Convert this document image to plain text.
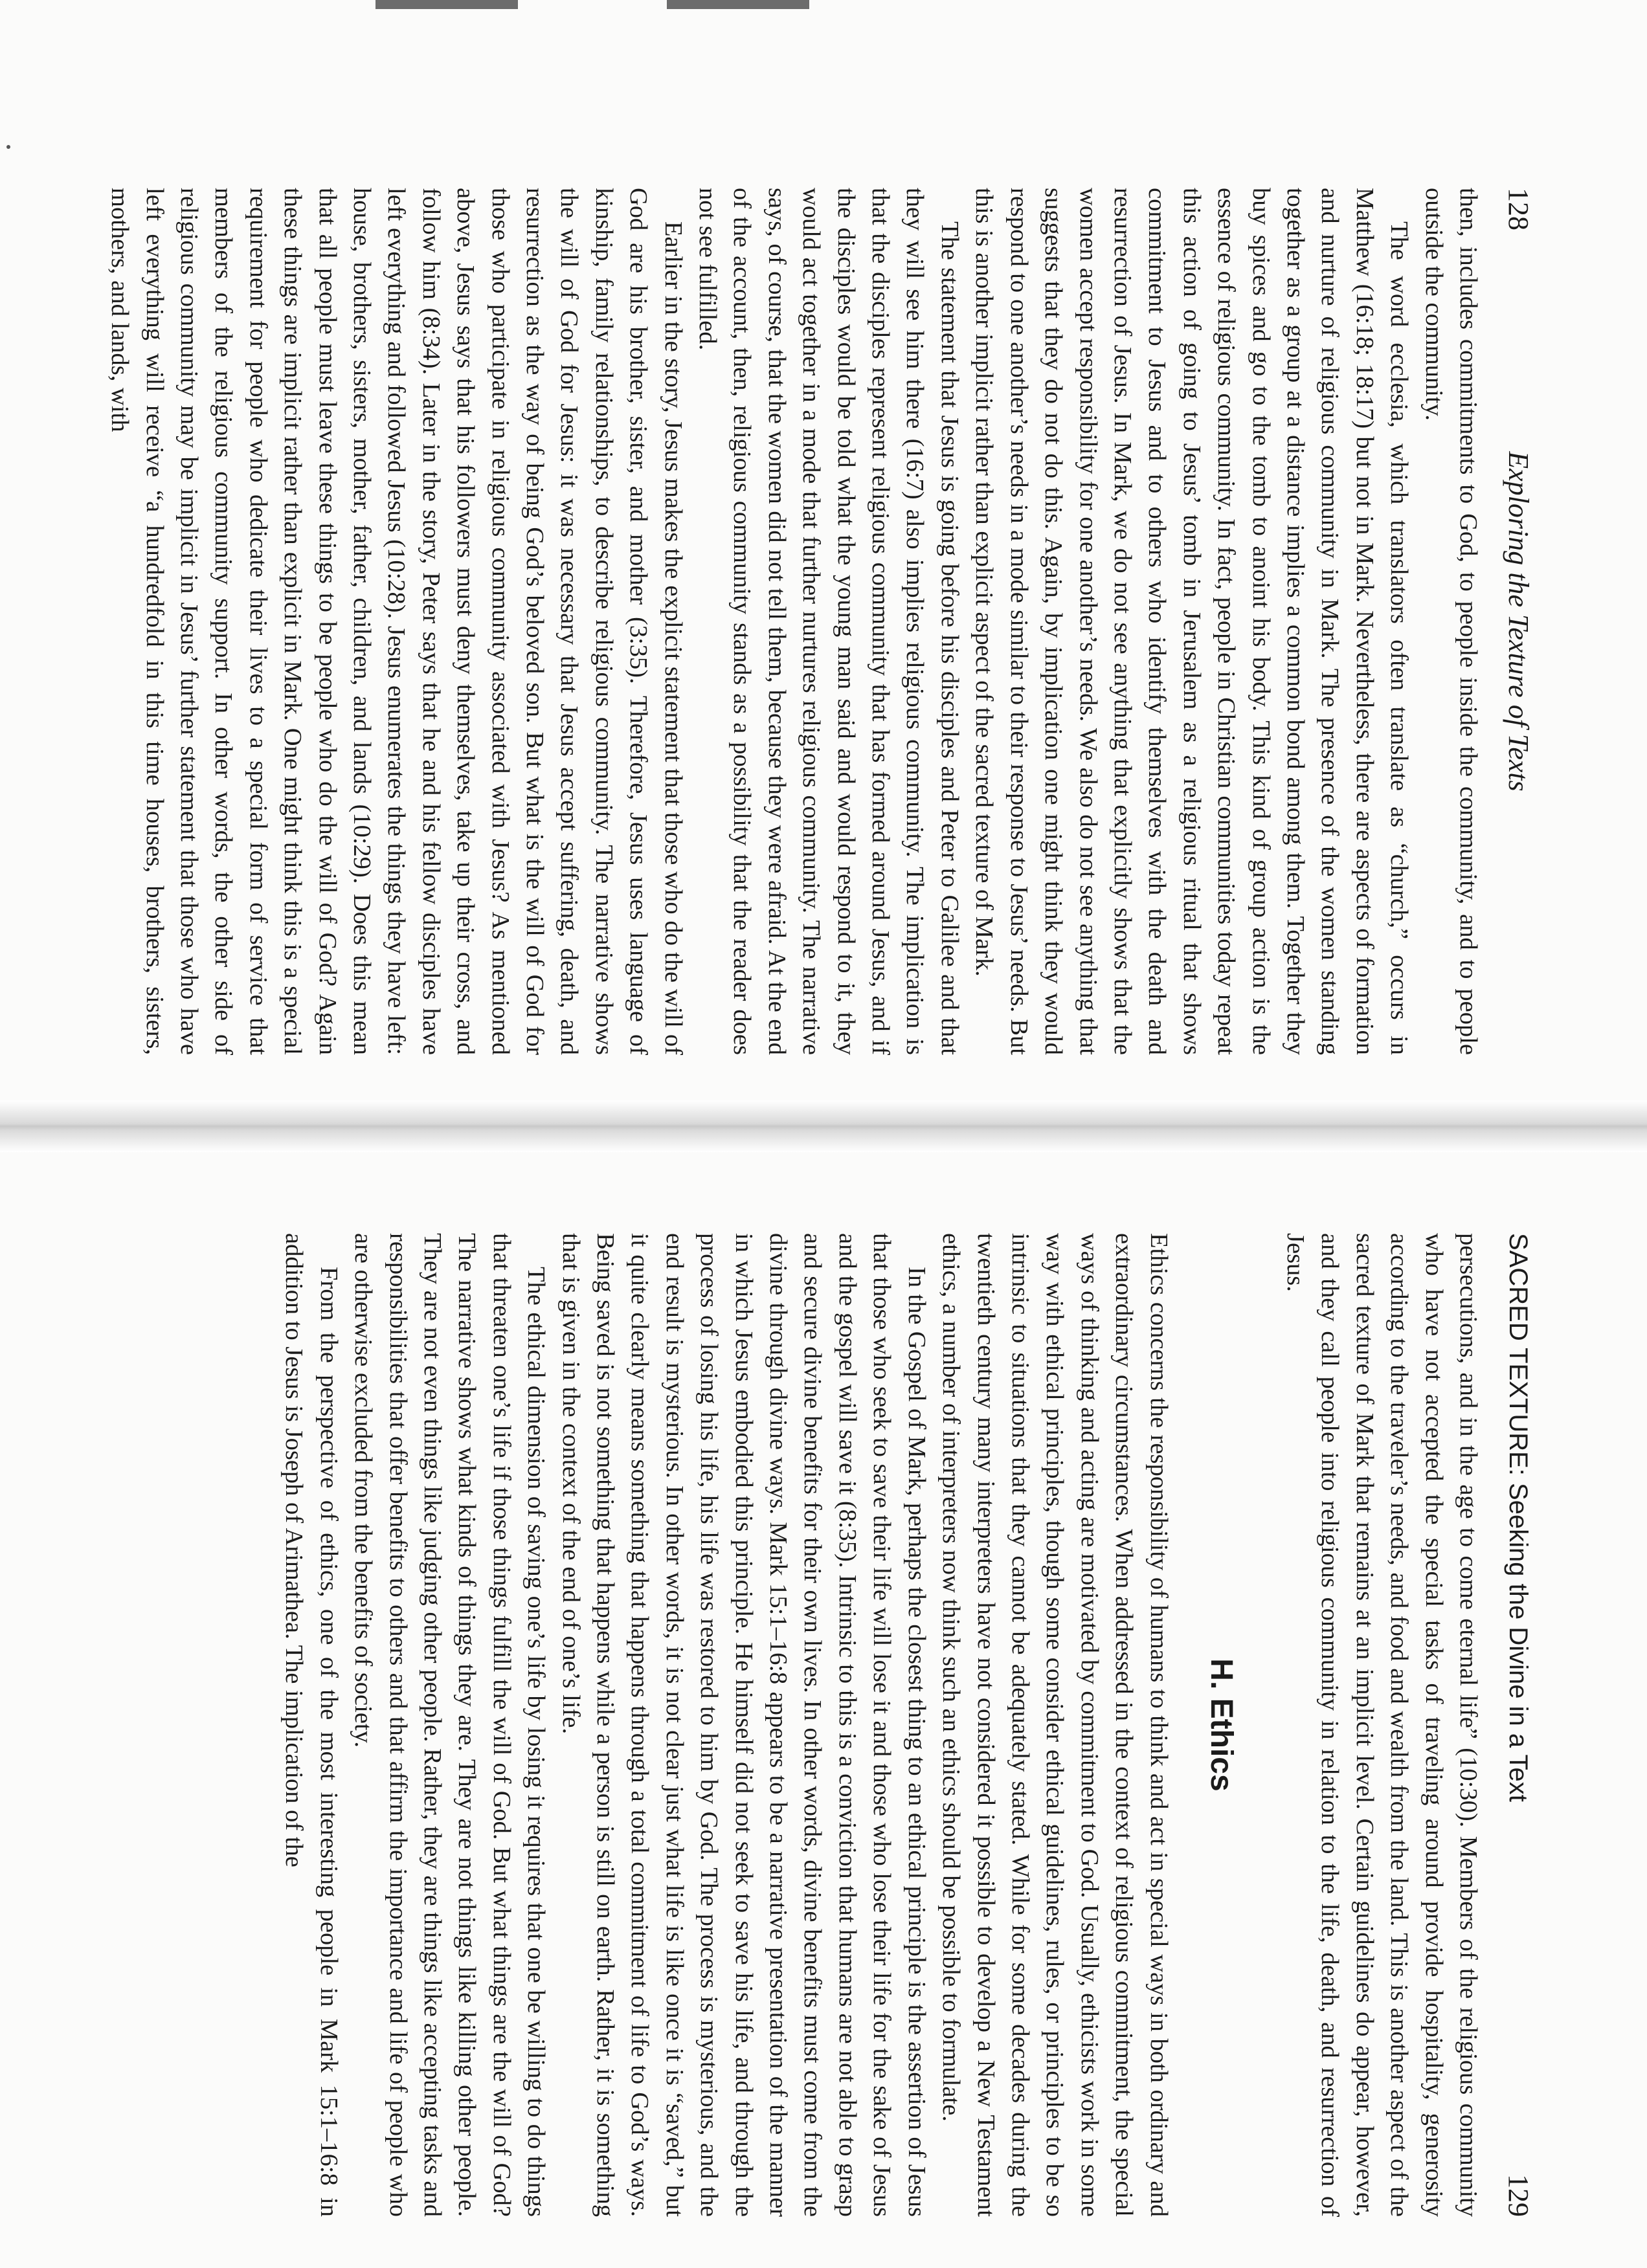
128
Exploring the Texture of Texts

then, includes commitments to God, to people inside the community, and to people outside the community.

The word ecclesia, which translators often translate as “church,” occurs in Matthew (16:18; 18:17) but not in Mark. Nevertheless, there are aspects of formation and nurture of religious community in Mark. The presence of the women standing together as a group at a distance implies a common bond among them. Together they buy spices and go to the tomb to anoint his body. This kind of group action is the essence of religious community. In fact, people in Christian communities today repeat this action of going to Jesus’ tomb in Jerusalem as a religious ritual that shows commitment to Jesus and to others who identify themselves with the death and resurrection of Jesus. In Mark, we do not see anything that explicitly shows that the women accept responsibility for one another’s needs. We also do not see anything that suggests that they do not do this. Again, by implication one might think they would respond to one another’s needs in a mode similar to their response to Jesus’ needs. But this is another implicit rather than explicit aspect of the sacred texture of Mark.

The statement that Jesus is going before his disciples and Peter to Galilee and that they will see him there (16:7) also implies religious community. The implication is that the disciples represent religious community that has formed around Jesus, and if the disciples would be told what the young man said and would respond to it, they would act together in a mode that further nurtures religious community. The narrative says, of course, that the women did not tell them, because they were afraid. At the end of the account, then, religious community stands as a possibility that the reader does not see fulfilled.

Earlier in the story, Jesus makes the explicit statement that those who do the will of God are his brother, sister, and mother (3:35). Therefore, Jesus uses language of kinship, family relationships, to describe religious community. The narrative shows the will of God for Jesus: it was necessary that Jesus accept suffering, death, and resurrection as the way of being God’s beloved son. But what is the will of God for those who participate in religious community associated with Jesus? As mentioned above, Jesus says that his followers must deny themselves, take up their cross, and follow him (8:34). Later in the story, Peter says that he and his fellow disciples have left everything and followed Jesus (10:28). Jesus enumerates the things they have left: house, brothers, sisters, mother, father, children, and lands (10:29). Does this mean that all people must leave these things to be people who do the will of God? Again these things are implicit rather than explicit in Mark. One might think this is a special requirement for people who dedicate their lives to a special form of service that members of the religious community support. In other words, the other side of religious community may be implicit in Jesus’ further statement that those who have left everything will receive “a hundredfold in this time houses, brothers, sisters, mothers, and lands, with

SACRED TEXTURE: Seeking the Divine in a Text
129

persecutions, and in the age to come eternal life” (10:30). Members of the religious community who have not accepted the special tasks of traveling around provide hospitality, generosity according to the traveler’s needs, and food and wealth from the land. This is another aspect of the sacred texture of Mark that remains at an implicit level. Certain guidelines do appear, however, and they call people into religious community in relation to the life, death, and resurrection of Jesus.

H. Ethics

Ethics concerns the responsibility of humans to think and act in special ways in both ordinary and extraordinary circumstances. When addressed in the context of religious commitment, the special ways of thinking and acting are motivated by commitment to God. Usually, ethicists work in some way with ethical principles, though some consider ethical guidelines, rules, or principles to be so intrinsic to situations that they cannot be adequately stated. While for some decades during the twentieth century many interpreters have not considered it possible to develop a New Testament ethics, a number of interpreters now think such an ethics should be possible to formulate.

In the Gospel of Mark, perhaps the closest thing to an ethical principle is the assertion of Jesus that those who seek to save their life will lose it and those who lose their life for the sake of Jesus and the gospel will save it (8:35). Intrinsic to this is a conviction that humans are not able to grasp and secure divine benefits for their own lives. In other words, divine benefits must come from the divine through divine ways. Mark 15:1–16:8 appears to be a narrative presentation of the manner in which Jesus embodied this principle. He himself did not seek to save his life, and through the process of losing his life, his life was restored to him by God. The process is mysterious, and the end result is mysterious. In other words, it is not clear just what life is like once it is “saved,” but it quite clearly means something that happens through a total commitment of life to God’s ways. Being saved is not something that happens while a person is still on earth. Rather, it is something that is given in the context of the end of one’s life.

The ethical dimension of saving one’s life by losing it requires that one be willing to do things that threaten one’s life if those things fulfill the will of God. But what things are the will of God? The narrative shows what kinds of things they are. They are not things like killing other people. They are not even things like judging other people. Rather, they are things like accepting tasks and responsibilities that offer benefits to others and that affirm the importance and life of people who are otherwise excluded from the benefits of society.

From the perspective of ethics, one of the most interesting people in Mark 15:1–16:8 in addition to Jesus is Joseph of Arimathea. The implication of the
